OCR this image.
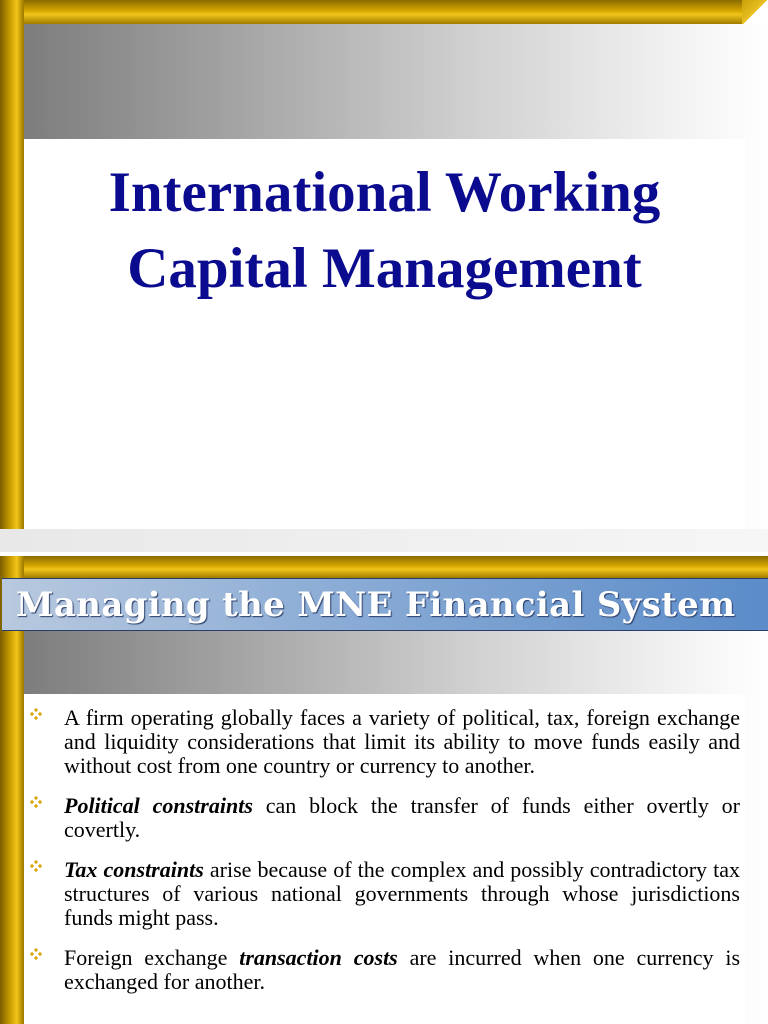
International Working
Capital Management
Managing the MNE Financial System
A firm operating globally faces a variety of political, tax, foreign exchange and liquidity considerations that limit its ability to move funds easily and without cost from one country or currency to another.
Political constraints can block the transfer of funds either overtly or covertly.
Tax constraints arise because of the complex and possibly contradictory tax structures of various national governments through whose jurisdictions funds might pass.
Foreign exchange transaction costs are incurred when one currency is exchanged for another.
